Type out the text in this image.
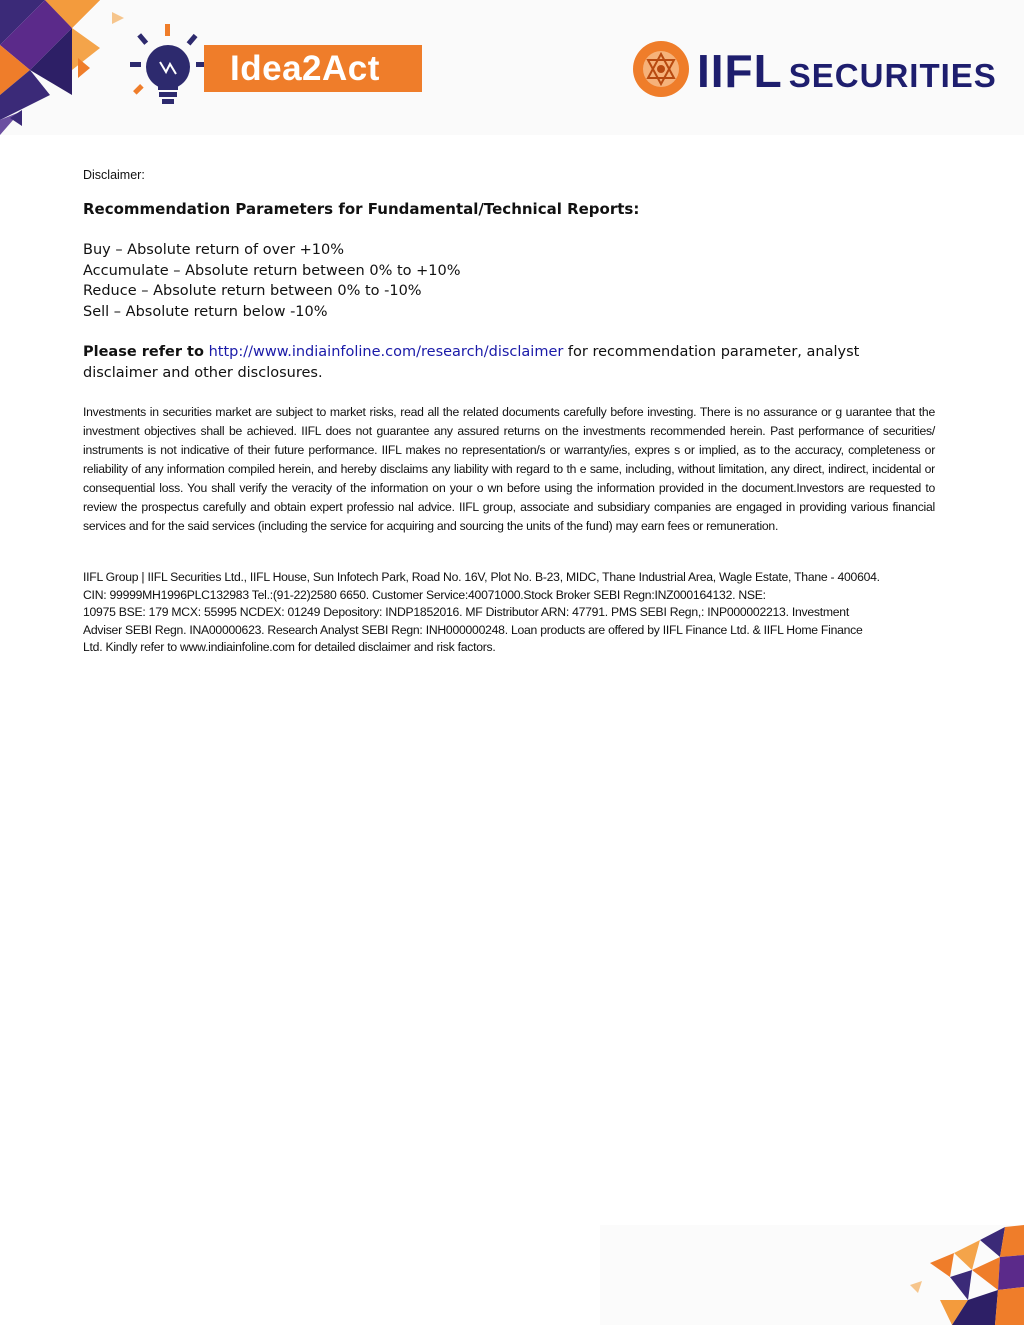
Idea2Act	IIFL SECURITIES
Disclaimer:
Recommendation Parameters for Fundamental/Technical Reports:
Buy – Absolute return of over +10%
Accumulate – Absolute return between 0% to +10%
Reduce – Absolute return between 0% to -10%
Sell – Absolute return below -10%
Please refer to http://www.indiainfoline.com/research/disclaimer for recommendation parameter, analyst disclaimer and other disclosures.
Investments in securities market are subject to market risks, read all the related documents carefully before investing. There is no assurance or g uarantee that the investment objectives shall be achieved. IIFL does not guarantee any assured returns on the investments recommended herein. Past performance of securities/ instruments is not indicative of their future performance. IIFL makes no representation/s or warranty/ies, expres s or implied, as to the accuracy, completeness or reliability of any information compiled herein, and hereby disclaims any liability with regard to th e same, including, without limitation, any direct, indirect, incidental or consequential loss. You shall verify the veracity of the information on your o wn before using the information provided in the document.Investors are requested to review the prospectus carefully and obtain expert professio nal advice. IIFL group, associate and subsidiary companies are engaged in providing various financial services and for the said services (including the service for acquiring and sourcing the units of the fund) may earn fees or remuneration.
IIFL Group | IIFL Securities Ltd., IIFL House, Sun Infotech Park, Road No. 16V, Plot No. B-23, MIDC, Thane Industrial Area, Wagle Estate, Thane - 400604.
CIN: 99999MH1996PLC132983 Tel.:(91-22)2580 6650. Customer Service:40071000.Stock Broker SEBI Regn:INZ000164132. NSE:
10975 BSE: 179 MCX: 55995 NCDEX: 01249 Depository: INDP1852016. MF Distributor ARN: 47791. PMS SEBI Regn,: INP000002213. Investment
Adviser SEBI Regn. INA00000623. Research Analyst SEBI Regn: INH000000248. Loan products are offered by IIFL Finance Ltd. & IIFL Home Finance
Ltd. Kindly refer to www.indiainfoline.com for detailed disclaimer and risk factors.
